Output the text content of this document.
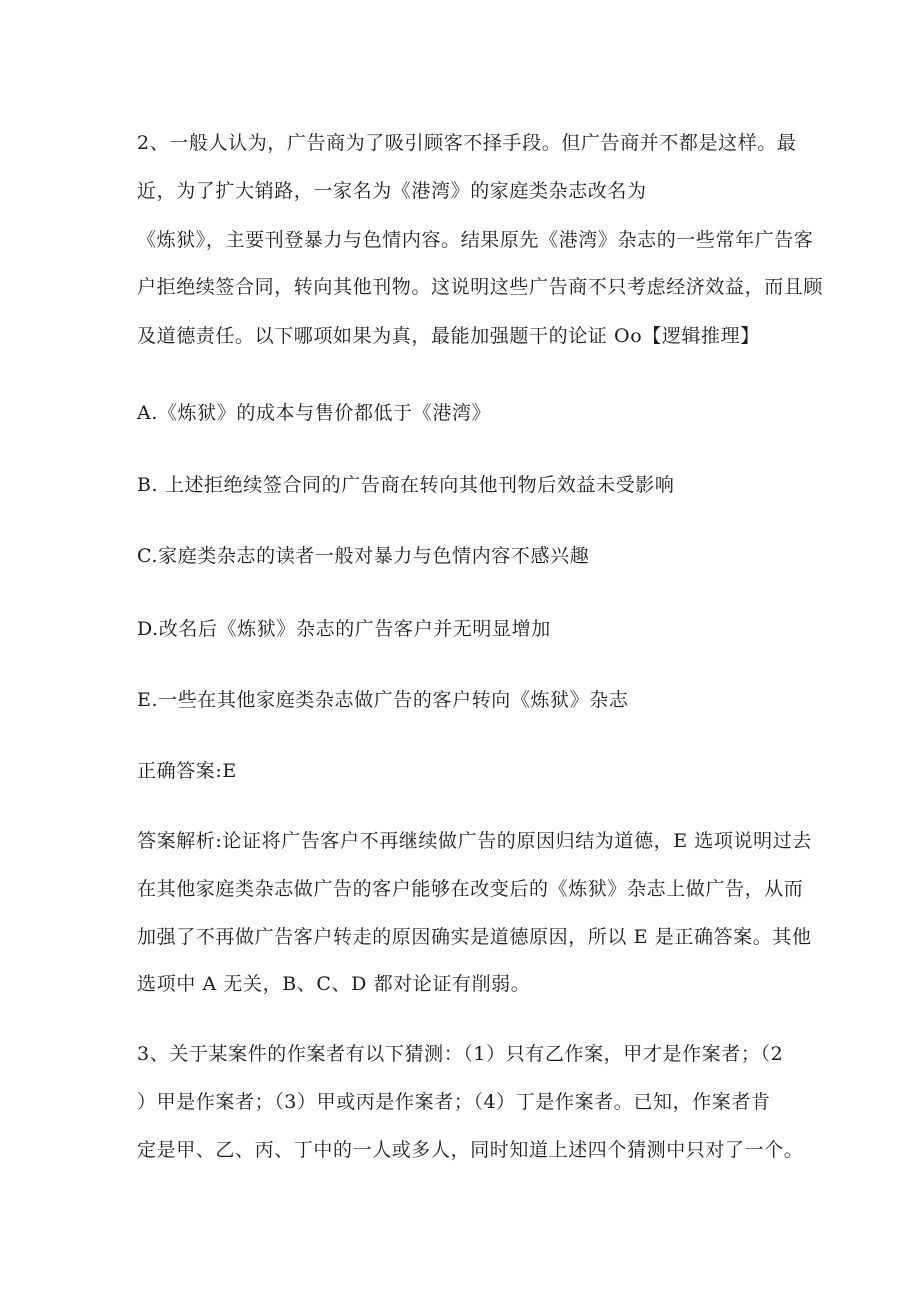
2、一般人认为，广告商为了吸引顾客不择手段。但广告商并不都是这样。最
近，为了扩大销路，一家名为《港湾》的家庭类杂志改名为
《炼狱》，主要刊登暴力与色情内容。结果原先《港湾》杂志的一些常年广告客
户拒绝续签合同，转向其他刊物。这说明这些广告商不只考虑经济效益，而且顾
及道德责任。以下哪项如果为真，最能加强题干的论证 Oo【逻辑推理】
A.《炼狱》的成本与售价都低于《港湾》
B. 上述拒绝续签合同的广告商在转向其他刊物后效益未受影响
C.家庭类杂志的读者一般对暴力与色情内容不感兴趣
D.改名后《炼狱》杂志的广告客户并无明显增加
E.一些在其他家庭类杂志做广告的客户转向《炼狱》杂志
正确答案:E
答案解析:论证将广告客户不再继续做广告的原因归结为道德，E 选项说明过去
在其他家庭类杂志做广告的客户能够在改变后的《炼狱》杂志上做广告，从而
加强了不再做广告客户转走的原因确实是道德原因，所以 E 是正确答案。其他
选项中 A 无关，B、C、D 都对论证有削弱。
3、关于某案件的作案者有以下猜测：（1）只有乙作案，甲才是作案者；（2
）甲是作案者；（3）甲或丙是作案者；（4）丁是作案者。已知，作案者肯
定是甲、乙、丙、丁中的一人或多人，同时知道上述四个猜测中只对了一个。
